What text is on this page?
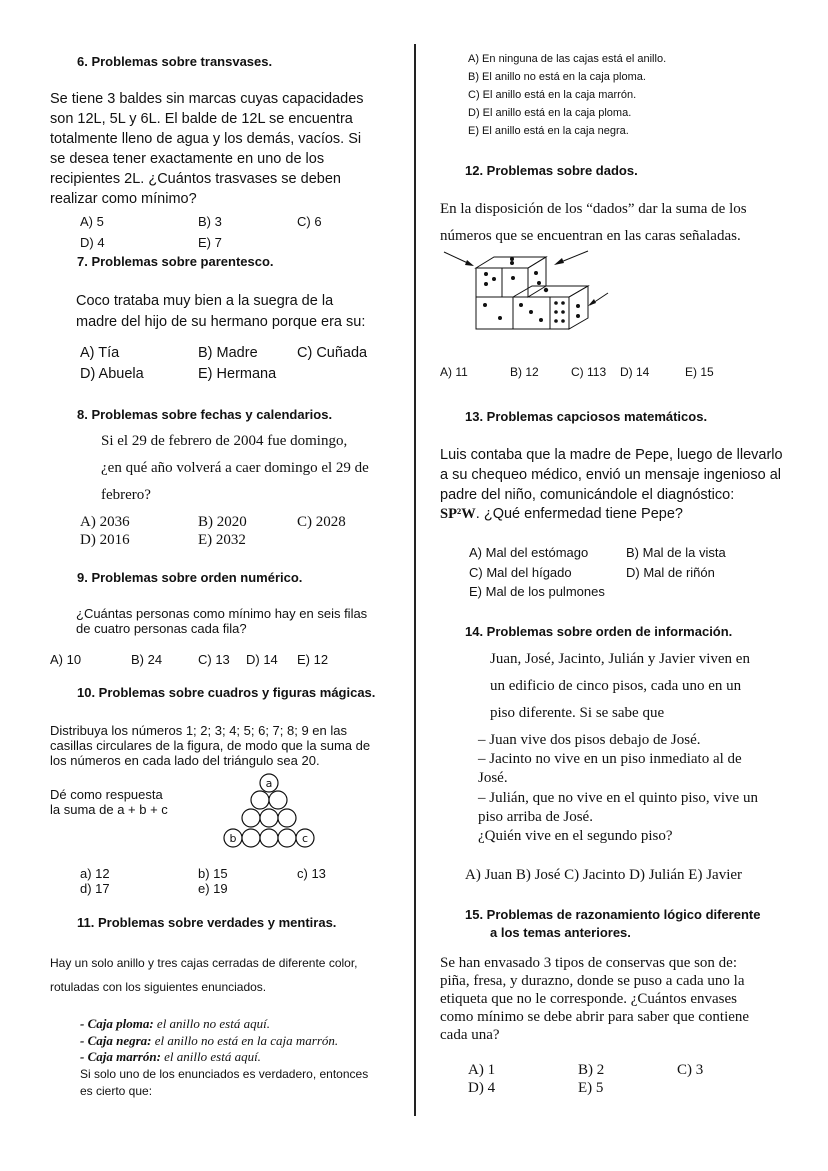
6. Problemas sobre transvases.
Se tiene 3 baldes sin marcas cuyas capacidades
son 12L, 5L y 6L. El balde de 12L se encuentra
totalmente lleno de agua y los demás, vacíos. Si
se desea tener exactamente en uno de los
recipientes 2L. ¿Cuántos trasvases se deben
realizar como mínimo?
A) 5	B) 3	C) 6
D) 4	E) 7
7. Problemas sobre parentesco.
Coco trataba muy bien a la suegra de la
madre del hijo de su hermano porque era su:
A) Tía	B) Madre	C) Cuñada
D) Abuela	E) Hermana
8. Problemas sobre fechas y calendarios.
Si el 29 de febrero de 2004 fue domingo,
¿en qué año volverá a caer domingo el 29 de
febrero?
A) 2036	B) 2020	C) 2028
D) 2016	E) 2032
9. Problemas sobre orden numérico.
¿Cuántas personas como mínimo hay en seis filas
de cuatro personas cada fila?
A) 10	B) 24	C) 13 D) 14 E) 12
10. Problemas sobre cuadros y figuras mágicas.
Distribuya los números 1; 2; 3; 4; 5; 6; 7; 8; 9 en las
casillas circulares de la figura, de modo que la suma de
los números en cada lado del triángulo sea 20.
Dé como respuesta
la suma de a + b + c
a
b	c
a) 12	b) 15	c) 13
d) 17	e) 19
11. Problemas sobre verdades y mentiras.
Hay un solo anillo y tres cajas cerradas de diferente color,
rotuladas con los siguientes enunciados.
- Caja ploma: el anillo no está aquí.
- Caja negra: el anillo no está en la caja marrón.
- Caja marrón: el anillo está aquí.
Si solo uno de los enunciados es verdadero, entonces
es cierto que:
A) En ninguna de las cajas está el anillo.
B) El anillo no está en la caja ploma.
C) El anillo está en la caja marrón.
D) El anillo está en la caja ploma.
E) El anillo está en la caja negra.
12. Problemas sobre dados.
En la disposición de los “dados” dar la suma de los
números que se encuentran en las caras señaladas.
A) 11	B) 12	C) 113 D) 14	E) 15
13. Problemas capciosos matemáticos.
Luis contaba que la madre de Pepe, luego de llevarlo
a su chequeo médico, envió un mensaje ingenioso al
padre del niño, comunicándole el diagnóstico:
SP²W. ¿Qué enfermedad tiene Pepe?
A) Mal del estómago	B) Mal de la vista
C) Mal del hígado	D) Mal de riñón
E) Mal de los pulmones
14. Problemas sobre orden de información.
Juan, José, Jacinto, Julián y Javier viven en
un edificio de cinco pisos, cada uno en un
piso diferente. Si se sabe que
– Juan vive dos pisos debajo de José.
– Jacinto no vive en un piso inmediato al de
José.
– Julián, que no vive en el quinto piso, vive un
piso arriba de José.
¿Quién vive en el segundo piso?
A) Juan B) José C) Jacinto D) Julián E) Javier
15. Problemas de razonamiento lógico diferente
a los temas anteriores.
Se han envasado 3 tipos de conservas que son de:
piña, fresa, y durazno, donde se puso a cada uno la
etiqueta que no le corresponde. ¿Cuántos envases
como mínimo se debe abrir para saber que contiene
cada una?
A) 1	B) 2	C) 3
D) 4	E) 5
